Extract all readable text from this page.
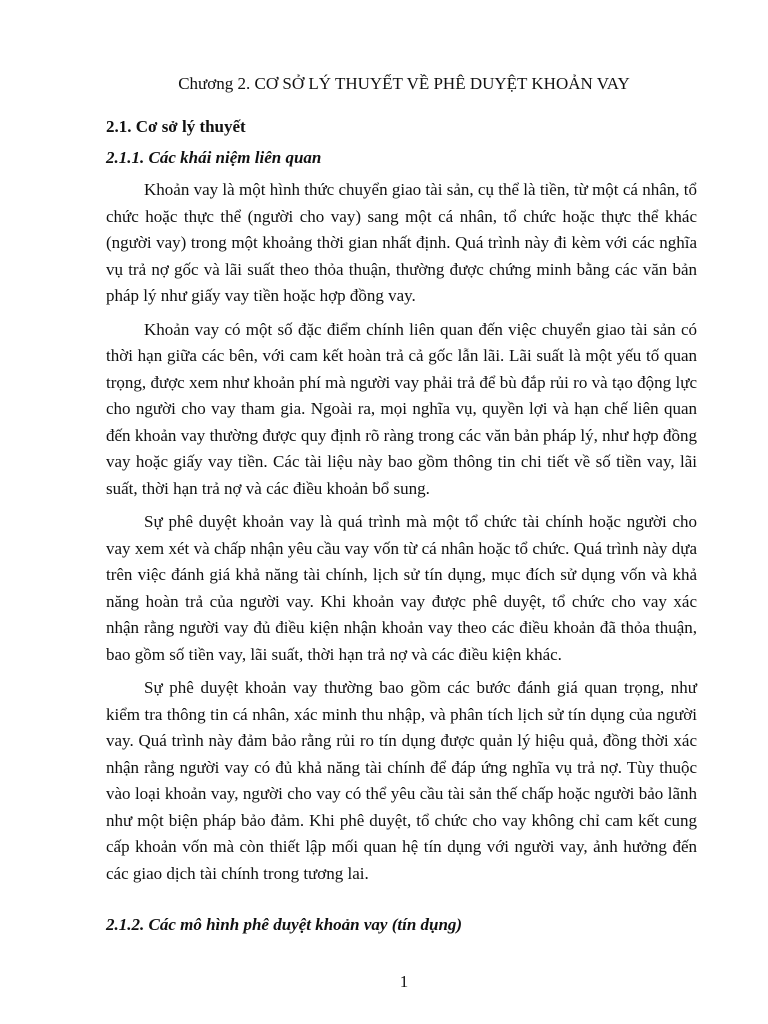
Chương 2. CƠ SỞ LÝ THUYẾT VỀ PHÊ DUYỆT KHOẢN VAY
2.1. Cơ sở lý thuyết
2.1.1. Các khái niệm liên quan

Khoản vay là một hình thức chuyển giao tài sản, cụ thể là tiền, từ một cá nhân, tổ chức hoặc thực thể (người cho vay) sang một cá nhân, tổ chức hoặc thực thể khác (người vay) trong một khoảng thời gian nhất định. Quá trình này đi kèm với các nghĩa vụ trả nợ gốc và lãi suất theo thỏa thuận, thường được chứng minh bằng các văn bản pháp lý như giấy vay tiền hoặc hợp đồng vay.

Khoản vay có một số đặc điểm chính liên quan đến việc chuyển giao tài sản có thời hạn giữa các bên, với cam kết hoàn trả cả gốc lẫn lãi. Lãi suất là một yếu tố quan trọng, được xem như khoản phí mà người vay phải trả để bù đắp rủi ro và tạo động lực cho người cho vay tham gia. Ngoài ra, mọi nghĩa vụ, quyền lợi và hạn chế liên quan đến khoản vay thường được quy định rõ ràng trong các văn bản pháp lý, như hợp đồng vay hoặc giấy vay tiền. Các tài liệu này bao gồm thông tin chi tiết về số tiền vay, lãi suất, thời hạn trả nợ và các điều khoản bổ sung.

Sự phê duyệt khoản vay là quá trình mà một tổ chức tài chính hoặc người cho vay xem xét và chấp nhận yêu cầu vay vốn từ cá nhân hoặc tổ chức. Quá trình này dựa trên việc đánh giá khả năng tài chính, lịch sử tín dụng, mục đích sử dụng vốn và khả năng hoàn trả của người vay. Khi khoản vay được phê duyệt, tổ chức cho vay xác nhận rằng người vay đủ điều kiện nhận khoản vay theo các điều khoản đã thỏa thuận, bao gồm số tiền vay, lãi suất, thời hạn trả nợ và các điều kiện khác.

Sự phê duyệt khoản vay thường bao gồm các bước đánh giá quan trọng, như kiểm tra thông tin cá nhân, xác minh thu nhập, và phân tích lịch sử tín dụng của người vay. Quá trình này đảm bảo rằng rủi ro tín dụng được quản lý hiệu quả, đồng thời xác nhận rằng người vay có đủ khả năng tài chính để đáp ứng nghĩa vụ trả nợ. Tùy thuộc vào loại khoản vay, người cho vay có thể yêu cầu tài sản thế chấp hoặc người bảo lãnh như một biện pháp bảo đảm. Khi phê duyệt, tổ chức cho vay không chỉ cam kết cung cấp khoản vốn mà còn thiết lập mối quan hệ tín dụng với người vay, ảnh hưởng đến các giao dịch tài chính trong tương lai.

2.1.2. Các mô hình phê duyệt khoản vay (tín dụng)
1
